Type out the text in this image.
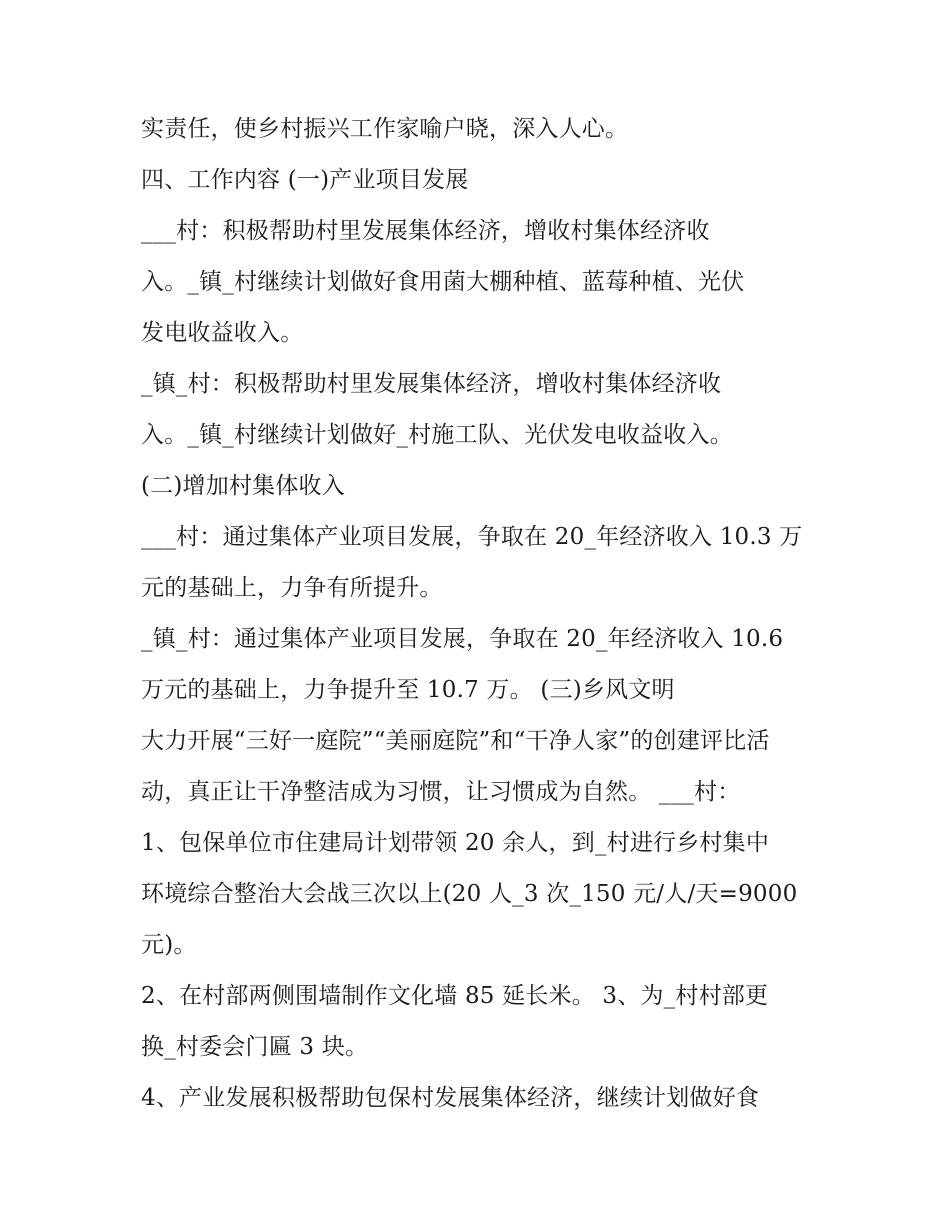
实责任，使乡村振兴工作家喻户晓，深入人心。
四、工作内容 (一)产业项目发展
___村：积极帮助村里发展集体经济，增收村集体经济收
入。_镇_村继续计划做好食用菌大棚种植、蓝莓种植、光伏
发电收益收入。
_镇_村：积极帮助村里发展集体经济，增收村集体经济收
入。_镇_村继续计划做好_村施工队、光伏发电收益收入。
(二)增加村集体收入
___村：通过集体产业项目发展，争取在 20_年经济收入 10.3 万
元的基础上，力争有所提升。
_镇_村：通过集体产业项目发展，争取在 20_年经济收入 10.6
万元的基础上，力争提升至 10.7 万。 (三)乡风文明
大力开展“三好一庭院”“美丽庭院”和“干净人家”的创建评比活
动，真正让干净整洁成为习惯，让习惯成为自然。 ___村：
1、包保单位市住建局计划带领 20 余人，到_村进行乡村集中
环境综合整治大会战三次以上(20 人_3 次_150 元/人/天=9000
元)。
2、在村部两侧围墙制作文化墙 85 延长米。 3、为_村村部更
换_村委会门匾 3 块。
4、产业发展积极帮助包保村发展集体经济，继续计划做好食
